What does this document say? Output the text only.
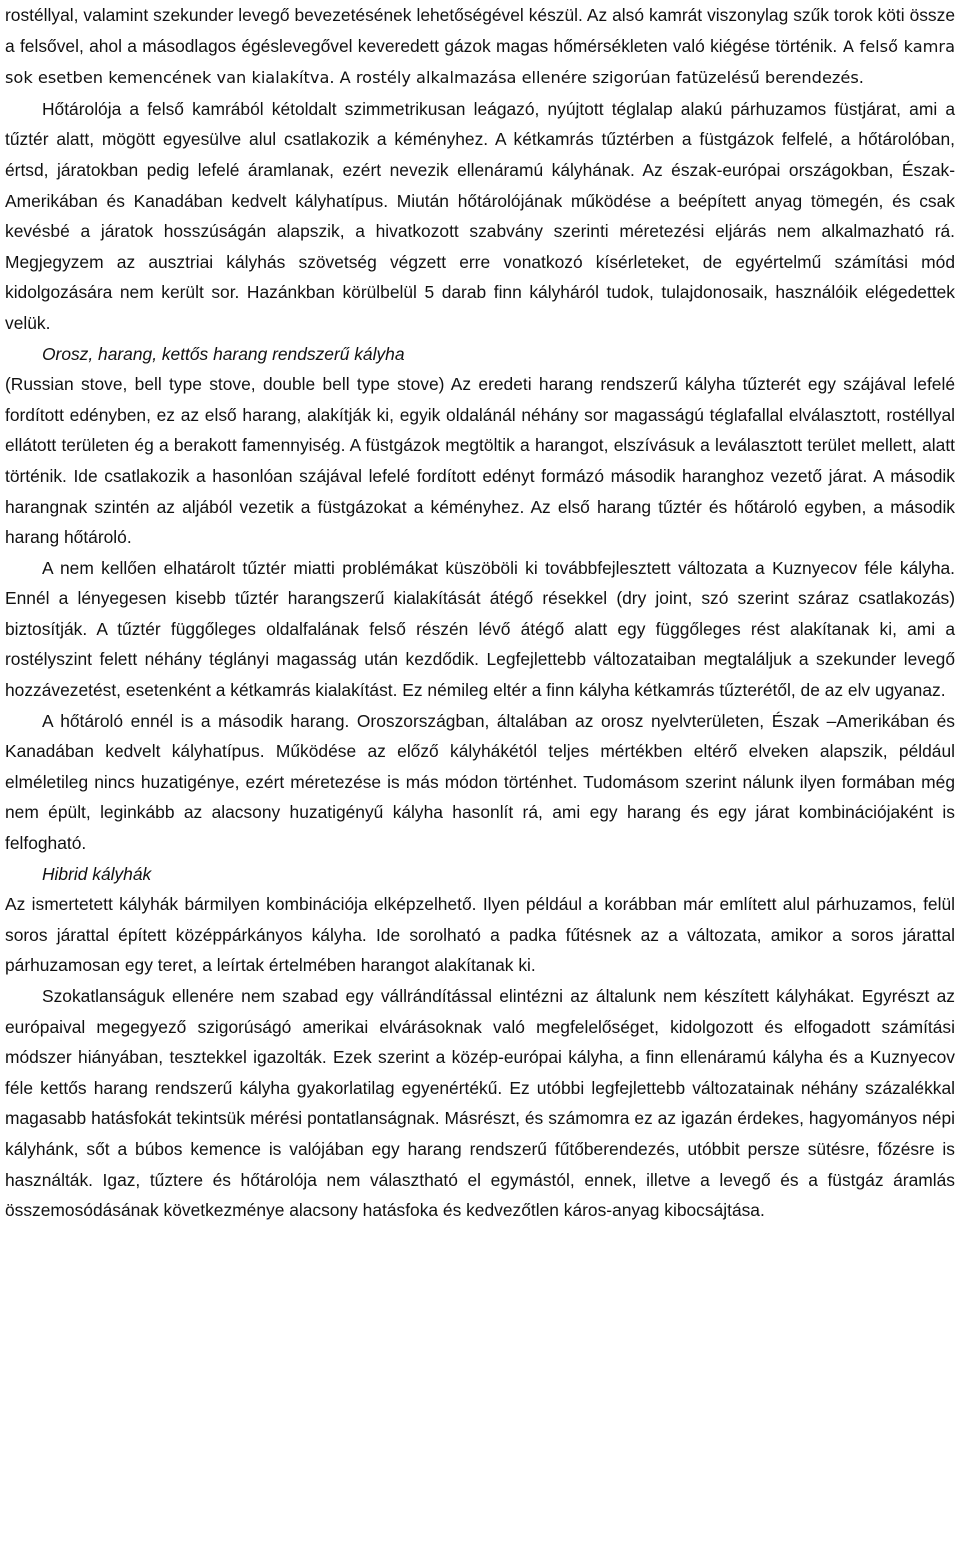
rostéllyal, valamint szekunder levegő bevezetésének lehetőségével készül. Az alsó kamrát viszonylag szűk torok köti össze a felsővel, ahol a másodlagos égéslevegővel keveredett gázok magas hőmérsékleten való kiégése történik. A felső kamra sok esetben kemencének van kialakítva. A rostély alkalmazása ellenére szigorúan fatüzelésű berendezés.

Hőtárolója a felső kamrából kétoldalt szimmetrikusan leágazó, nyújtott téglalap alakú párhuzamos füstjárat, ami a tűztér alatt, mögött egyesülve alul csatlakozik a kéményhez. A kétkamrás tűztérben a füstgázok felfelé, a hőtárolóban, értsd, járatokban pedig lefelé áramlanak, ezért nevezik ellenáramú kályhának. Az észak-európai országokban, Észak-Amerikában és Kanadában kedvelt kályhatípus. Miután hőtárolójának működése a beépített anyag tömegén, és csak kevésbé a járatok hosszúságán alapszik, a hivatkozott szabvány szerinti méretezési eljárás nem alkalmazható rá. Megjegyzem az ausztriai kályhás szövetség végzett erre vonatkozó kísérleteket, de egyértelmű számítási mód kidolgozására nem került sor. Hazánkban körülbelül 5 darab finn kályháról tudok, tulajdonosaik, használóik elégedettek velük.

Orosz, harang, kettős harang rendszerű kályha

(Russian stove, bell type stove, double bell type stove) Az eredeti harang rendszerű kályha tűzterét egy szájával lefelé fordított edényben, ez az első harang, alakítják ki, egyik oldalánál néhány sor magasságú téglafallal elválasztott, rostéllyal ellátott területen ég a berakott famennyiség. A füstgázok megtöltik a harangot, elszívásuk a leválasztott terület mellett, alatt történik. Ide csatlakozik a hasonlóan szájával lefelé fordított edényt formázó második haranghoz vezető járat. A második harangnak szintén az aljából vezetik a füstgázokat a kéményhez. Az első harang tűztér és hőtároló egyben, a második harang hőtároló.

A nem kellően elhatárolt tűztér miatti problémákat küszöböli ki továbbfejlesztett változata a Kuznyecov féle kályha. Ennél a lényegesen kisebb tűztér harangszerű kialakítását átégő résekkel (dry joint, szó szerint száraz csatlakozás) biztosítják. A tűztér függőleges oldalfalának felső részén lévő átégő alatt egy függőleges rést alakítanak ki, ami a rostélyszint felett néhány téglányi magasság után kezdődik. Legfejlettebb változataiban megtaláljuk a szekunder levegő hozzávezetést, esetenként a kétkamrás kialakítást. Ez némileg eltér a finn kályha kétkamrás tűzterétől, de az elv ugyanaz.

A hőtároló ennél is a második harang. Oroszországban, általában az orosz nyelvterületen, Észak –Amerikában és Kanadában kedvelt kályhatípus. Működése az előző kályhákétól teljes mértékben eltérő elveken alapszik, például elméletileg nincs huzatigénye, ezért méretezése is más módon történhet. Tudomásom szerint nálunk ilyen formában még nem épült, leginkább az alacsony huzatigényű kályha hasonlít rá, ami egy harang és egy járat kombinációjaként is felfogható.

Hibrid kályhák

Az ismertetett kályhák bármilyen kombinációja elképzelhető. Ilyen például a korábban már említett alul párhuzamos, felül soros járattal épített középpárkányos kályha. Ide sorolható a padka fűtésnek az a változata, amikor a soros járattal párhuzamosan egy teret, a leírtak értelmében harangot alakítanak ki.

Szokatlanságuk ellenére nem szabad egy vállrándítással elintézni az általunk nem készített kályhákat. Egyrészt az európaival megegyező szigorúságó amerikai elvárásoknak való megfelelőséget, kidolgozott és elfogadott számítási módszer hiányában, tesztekkel igazolták. Ezek szerint a közép-európai kályha, a finn ellenáramú kályha és a Kuznyecov féle kettős harang rendszerű kályha gyakorlatilag egyenértékű. Ez utóbbi legfejlettebb változatainak néhány százalékkal magasabb hatásfokát tekintsük mérési pontatlanságnak. Másrészt, és számomra ez az igazán érdekes, hagyományos népi kályhánk, sőt a búbos kemence is valójában egy harang rendszerű fűtőberendezés, utóbbit persze sütésre, főzésre is használták. Igaz, tűztere és hőtárolója nem választható el egymástól, ennek, illetve a levegő és a füstgáz áramlás összemosódásának következménye alacsony hatásfoka és kedvezőtlen káros-anyag kibocsájtása.
